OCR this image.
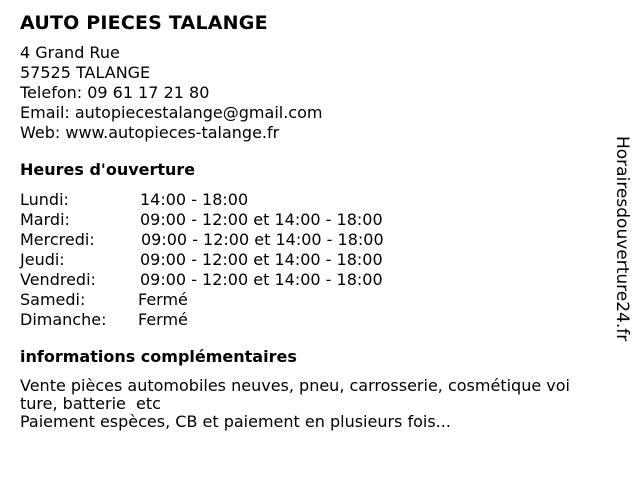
AUTO PIECES TALANGE
4 Grand Rue
57525 TALANGE
Telefon: 09 61 17 21 80
Email: autopiecestalange@gmail.com
Web: www.autopieces-talange.fr
Heures d'ouverture
Lundi:	14:00 - 18:00
Mardi:	09:00 - 12:00 et 14:00 - 18:00
Mercredi:	09:00 - 12:00 et 14:00 - 18:00
Jeudi:	09:00 - 12:00 et 14:00 - 18:00
Vendredi:	09:00 - 12:00 et 14:00 - 18:00
Samedi:	Fermé
Dimanche: Fermé
informations complémentaires
Vente pièces automobiles neuves, pneu, carrosserie, cosmétique voi
ture, batterie  etc
Paiement espèces, CB et paiement en plusieurs fois...
Horairesdouverture24.fr
